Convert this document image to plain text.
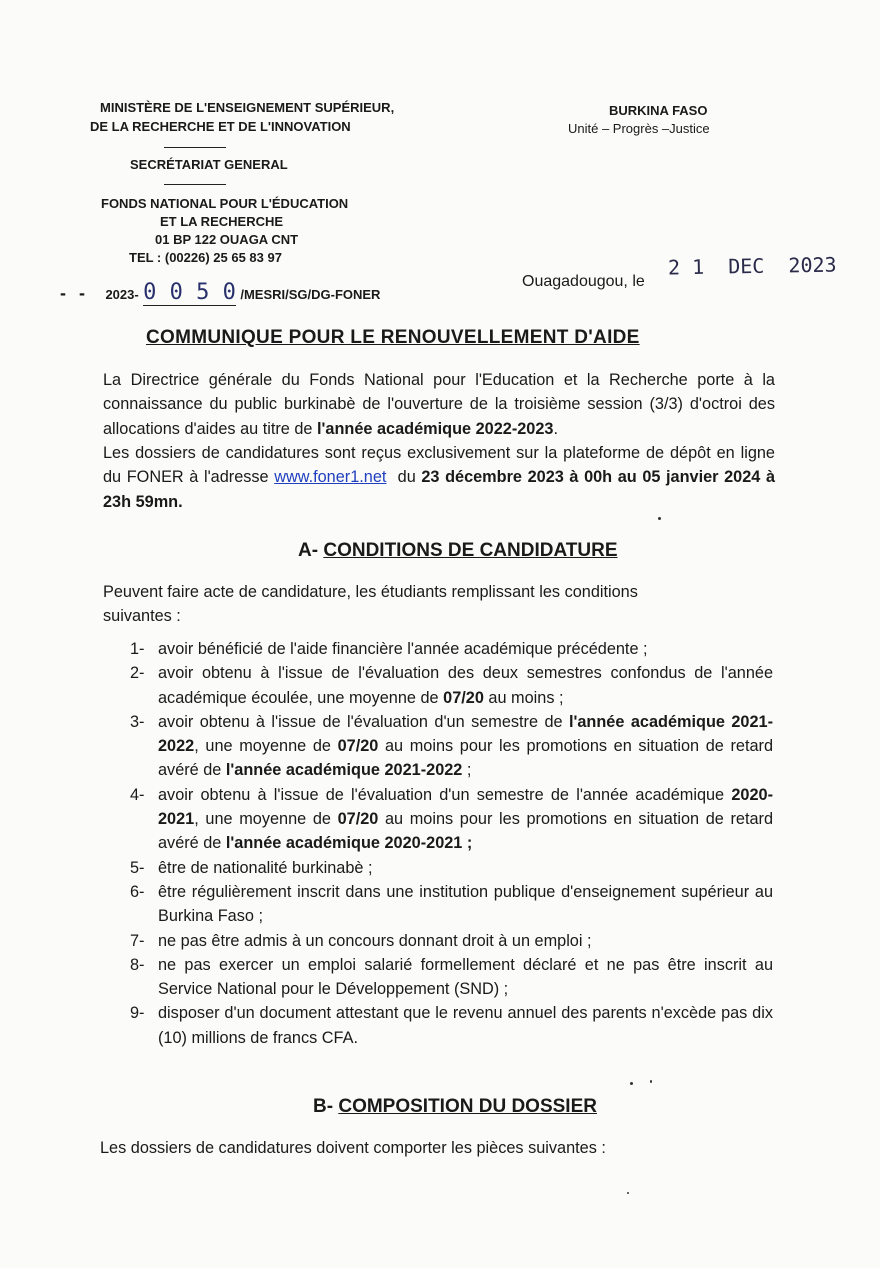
MINISTÈRE DE L'ENSEIGNEMENT SUPÉRIEUR,
DE LA RECHERCHE ET DE L'INNOVATION
SECRÉTARIAT GENERAL
FONDS NATIONAL POUR L'ÉDUCATION
ET LA RECHERCHE
01 BP 122 OUAGA CNT
TEL : (00226) 25 65 83 97
BURKINA FASO
Unité – Progrès –Justice
- - 2023- 0 0 5 0 /MESRI/SG/DG-FONER
Ouagadougou, le
2 1  DEC  2023
COMMUNIQUE POUR LE RENOUVELLEMENT D'AIDE
La Directrice générale du Fonds National pour l'Education et la Recherche porte à la connaissance du public burkinabè de l'ouverture de la troisième session (3/3) d'octroi des allocations d'aides au titre de l'année académique 2022-2023.
Les dossiers de candidatures sont reçus exclusivement sur la plateforme de dépôt en ligne du FONER à l'adresse www.foner1.net  du 23 décembre 2023 à 00h au 05 janvier 2024 à 23h 59mn.
A- CONDITIONS DE CANDIDATURE
Peuvent faire acte de candidature, les étudiants remplissant les conditions suivantes :
1- avoir bénéficié de l'aide financière l'année académique précédente ;
2- avoir obtenu à l'issue de l'évaluation des deux semestres confondus de l'année académique écoulée, une moyenne de 07/20 au moins ;
3- avoir obtenu à l'issue de l'évaluation d'un semestre de l'année académique 2021-2022, une moyenne de 07/20 au moins pour les promotions en situation de retard avéré de l'année académique 2021-2022 ;
4- avoir obtenu à l'issue de l'évaluation d'un semestre de l'année académique 2020-2021, une moyenne de 07/20 au moins pour les promotions en situation de retard avéré de l'année académique 2020-2021 ;
5- être de nationalité burkinabè ;
6- être régulièrement inscrit dans une institution publique d'enseignement supérieur au Burkina Faso ;
7- ne pas être admis à un concours donnant droit à un emploi ;
8- ne pas exercer un emploi salarié formellement déclaré et ne pas être inscrit au Service National pour le Développement (SND) ;
9- disposer d'un document attestant que le revenu annuel des parents n'excède pas dix (10) millions de francs CFA.
B- COMPOSITION DU DOSSIER
Les dossiers de candidatures doivent comporter les pièces suivantes :
